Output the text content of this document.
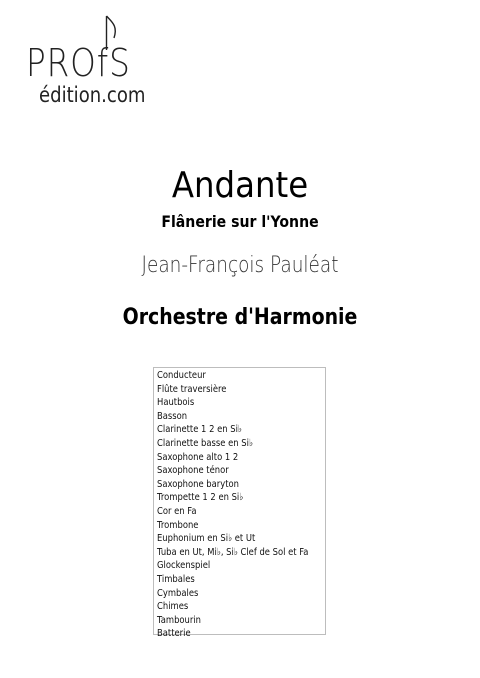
PROfS
édition.com
Andante
Flânerie sur l'Yonne
Jean-François Pauléat
Orchestre d'Harmonie
Conducteur
Flûte traversière
Hautbois
Basson
Clarinette 1 2 en Si♭
Clarinette basse en Si♭
Saxophone alto 1 2
Saxophone ténor
Saxophone baryton
Trompette 1 2 en Si♭
Cor en Fa
Trombone
Euphonium en Si♭ et Ut
Tuba en Ut, Mi♭, Si♭ Clef de Sol et Fa
Glockenspiel
Timbales
Cymbales
Chimes
Tambourin
Batterie
